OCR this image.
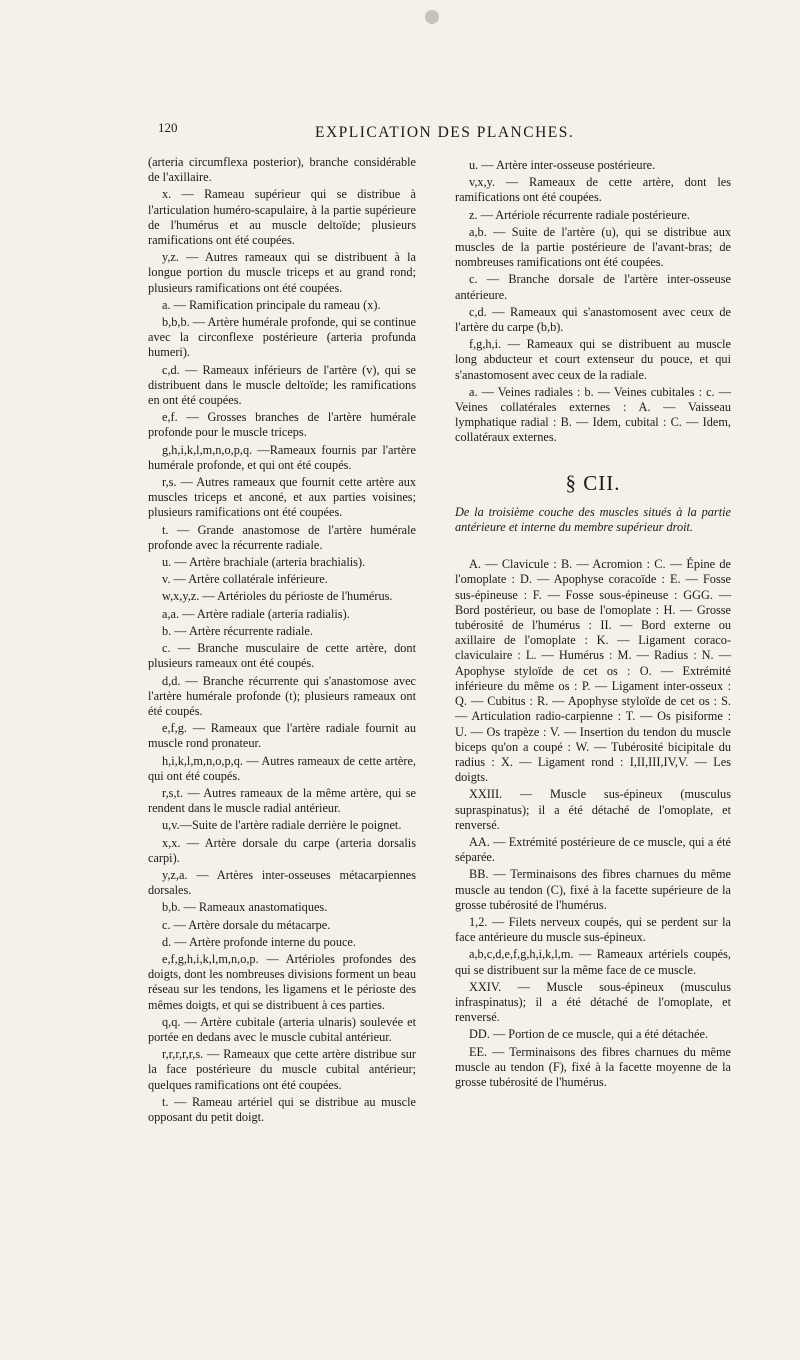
120	EXPLICATION DES PLANCHES.

(arteria circumflexa posterior), branche considérable de l'axillaire.

x. — Rameau supérieur qui se distribue à l'articulation huméro-scapulaire, à la partie supérieure de l'humérus et au muscle deltoïde; plusieurs ramifications ont été coupées.

y,z. — Autres rameaux qui se distribuent à la longue portion du muscle triceps et au grand rond; plusieurs ramifications ont été coupées.

a. — Ramification principale du rameau (x).

b,b,b. — Artère humérale profonde, qui se continue avec la circonflexe postérieure (arteria profunda humeri).

c,d. — Rameaux inférieurs de l'artère (v), qui se distribuent dans le muscle deltoïde; les ramifications en ont été coupées.

e,f. — Grosses branches de l'artère humérale profonde pour le muscle triceps.

g,h,i,k,l,m,n,o,p,q. —Rameaux fournis par l'artère humérale profonde, et qui ont été coupés.

r,s. — Autres rameaux que fournit cette artère aux muscles triceps et anconé, et aux parties voisines; plusieurs ramifications ont été coupées.

t. — Grande anastomose de l'artère humérale profonde avec la récurrente radiale.

u. — Artère brachiale (arteria brachialis).

v. — Artère collatérale inférieure.

w,x,y,z. — Artérioles du périoste de l'humérus.

a,a. — Artère radiale (arteria radialis).

b. — Artère récurrente radiale.

c. — Branche musculaire de cette artère, dont plusieurs rameaux ont été coupés.

d,d. — Branche récurrente qui s'anastomose avec l'artère humérale profonde (t); plusieurs rameaux ont été coupés.

e,f,g. — Rameaux que l'artère radiale fournit au muscle rond pronateur.

h,i,k,l,m,n,o,p,q. — Autres rameaux de cette artère, qui ont été coupés.

r,s,t. — Autres rameaux de la même artère, qui se rendent dans le muscle radial antérieur.

u,v.—Suite de l'artère radiale derrière le poignet.

x,x. — Artère dorsale du carpe (arteria dorsalis carpi).

y,z,a. — Artères inter-osseuses métacarpiennes dorsales.

b,b. — Rameaux anastomatiques.

c. — Artère dorsale du métacarpe.

d. — Artère profonde interne du pouce.

e,f,g,h,i,k,l,m,n,o,p. — Artérioles profondes des doigts, dont les nombreuses divisions forment un beau réseau sur les tendons, les ligamens et le périoste des mêmes doigts, et qui se distribuent à ces parties.

q,q. — Artère cubitale (arteria ulnaris) soulevée et portée en dedans avec le muscle cubital antérieur.

r,r,r,r,r,s. — Rameaux que cette artère distribue sur la face postérieure du muscle cubital antérieur; quelques ramifications ont été coupées.

t. — Rameau artériel qui se distribue au muscle opposant du petit doigt.

u. — Artère inter-osseuse postérieure.

v,x,y. — Rameaux de cette artère, dont les ramifications ont été coupées.

z. — Artériole récurrente radiale postérieure.

a,b. — Suite de l'artère (u), qui se distribue aux muscles de la partie postérieure de l'avant-bras; de nombreuses ramifications ont été coupées.

c. — Branche dorsale de l'artère inter-osseuse antérieure.

c,d. — Rameaux qui s'anastomosent avec ceux de l'artère du carpe (b,b).

f,g,h,i. — Rameaux qui se distribuent au muscle long abducteur et court extenseur du pouce, et qui s'anastomosent avec ceux de la radiale.

a. — Veines radiales : b. — Veines cubitales : c. — Veines collatérales externes : A. — Vaisseau lymphatique radial : B. — Idem, cubital : C. — Idem, collatéraux externes.

§ CII.

De la troisième couche des muscles situés à la partie antérieure et interne du membre supérieur droit.

A. — Clavicule : B. — Acromion : C. — Épine de l'omoplate : D. — Apophyse coracoïde : E. — Fosse sus-épineuse : F. — Fosse sous-épineuse : GGG. — Bord postérieur, ou base de l'omoplate : H. — Grosse tubérosité de l'humérus : II. — Bord externe ou axillaire de l'omoplate : K. — Ligament coraco-claviculaire : L. — Humérus : M. — Radius : N. — Apophyse styloïde de cet os : O. — Extrémité inférieure du même os : P. — Ligament inter-osseux : Q. — Cubitus : R. — Apophyse styloïde de cet os : S. — Articulation radio-carpienne : T. — Os pisiforme : U. — Os trapèze : V. — Insertion du tendon du muscle biceps qu'on a coupé : W. — Tubérosité bicipitale du radius : X. — Ligament rond : I,II,III,IV,V. — Les doigts.

XXIII. — Muscle sus-épineux (musculus supraspinatus); il a été détaché de l'omoplate, et renversé.

AA. — Extrémité postérieure de ce muscle, qui a été séparée.

BB. — Terminaisons des fibres charnues du même muscle au tendon (C), fixé à la facette supérieure de la grosse tubérosité de l'humérus.

1,2. — Filets nerveux coupés, qui se perdent sur la face antérieure du muscle sus-épineux.

a,b,c,d,e,f,g,h,i,k,l,m. — Rameaux artériels coupés, qui se distribuent sur la même face de ce muscle.

XXIV. — Muscle sous-épineux (musculus infraspinatus); il a été détaché de l'omoplate, et renversé.

DD. — Portion de ce muscle, qui a été détachée.

EE. — Terminaisons des fibres charnues du même muscle au tendon (F), fixé à la facette moyenne de la grosse tubérosité de l'humérus.
